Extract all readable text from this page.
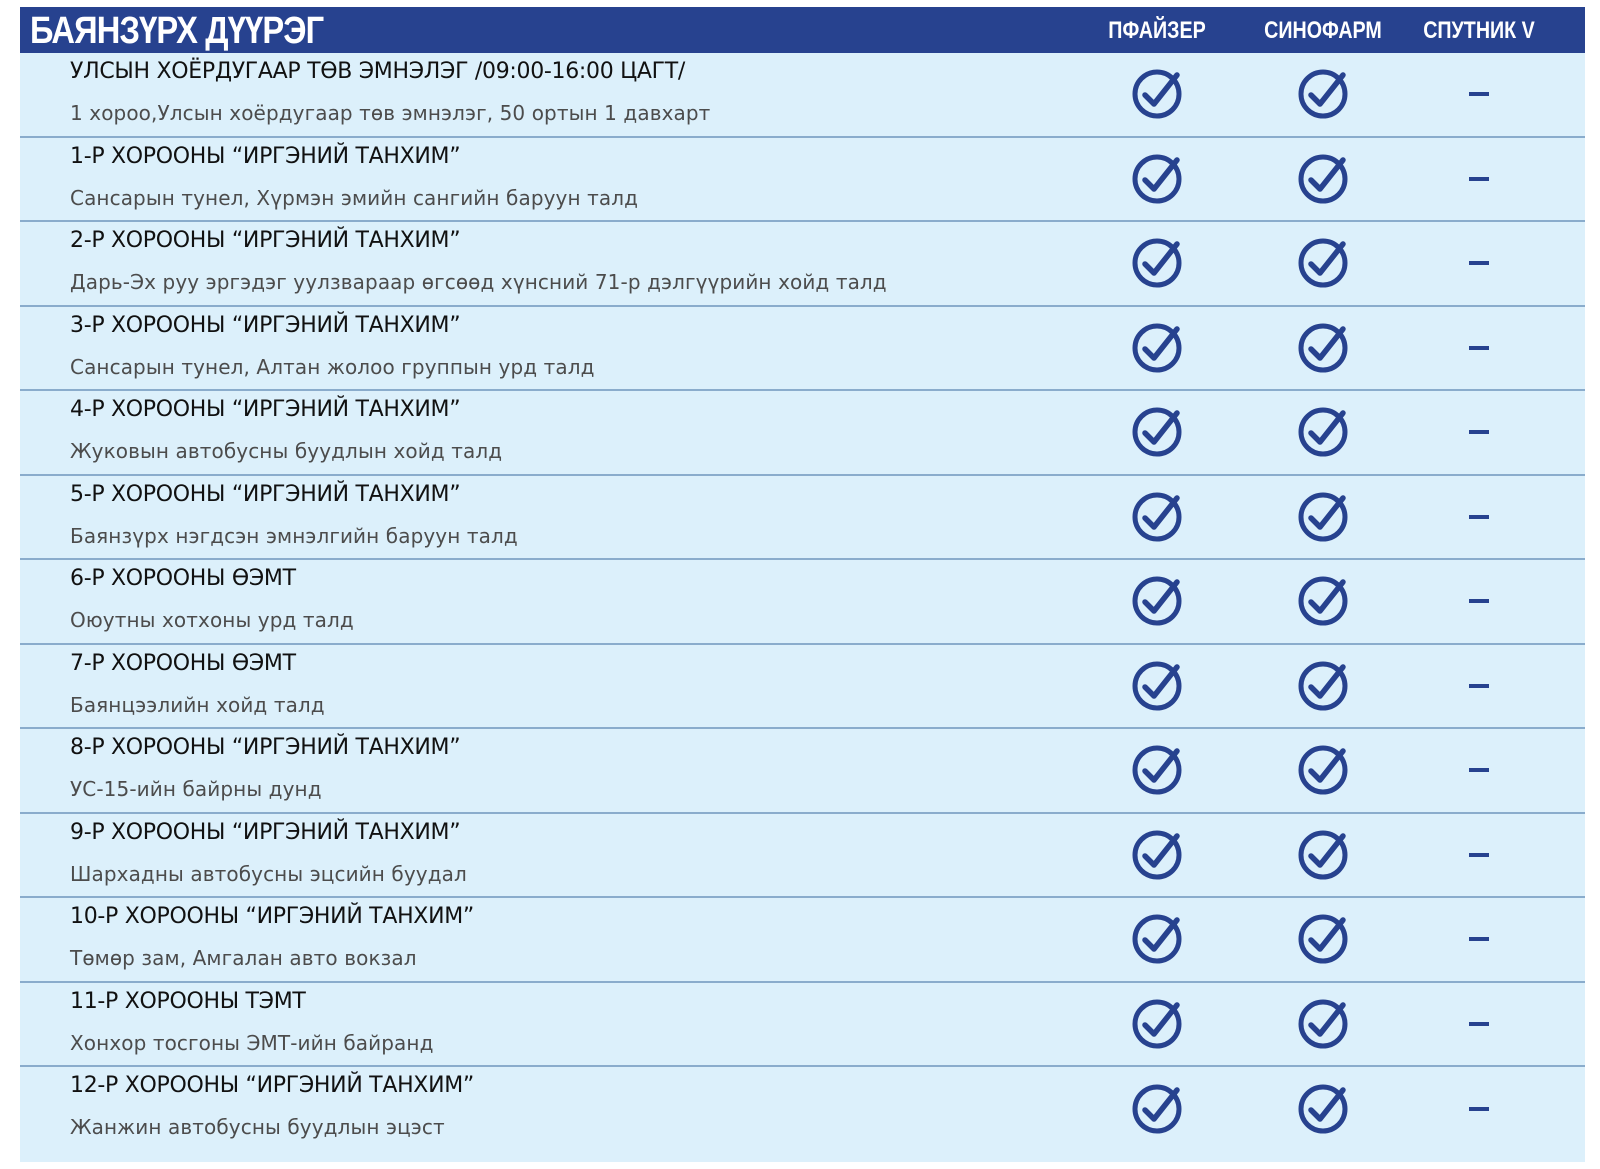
БАЯНЗҮРХ ДҮҮРЭГ	ПФАЙЗЕР	СИНОФАРМ СПУТНИК V
УЛСЫН ХОЁРДУГААР ТӨВ ЭМНЭЛЭГ /09:00-16:00 ЦАГТ/
1 хороо,Улсын хоёрдугаар төв эмнэлэг, 50 ортын 1 давхарт
1-Р ХОРООНЫ “ИРГЭНИЙ ТАНХИМ”
Сансарын тунел, Хүрмэн эмийн сангийн баруун талд
2-Р ХОРООНЫ “ИРГЭНИЙ ТАНХИМ”
Дарь-Эх руу эргэдэг уулзвараар өгсөөд хүнсний 71-р дэлгүүрийн хойд талд
3-Р ХОРООНЫ “ИРГЭНИЙ ТАНХИМ”
Сансарын тунел, Алтан жолоо группын урд талд
4-Р ХОРООНЫ “ИРГЭНИЙ ТАНХИМ”
Жуковын автобусны буудлын хойд талд
5-Р ХОРООНЫ “ИРГЭНИЙ ТАНХИМ”
Баянзүрх нэгдсэн эмнэлгийн баруун талд
6-Р ХОРООНЫ ӨЭМТ
Оюутны хотхоны урд талд
7-Р ХОРООНЫ ӨЭМТ
Баянцээлийн хойд талд
8-Р ХОРООНЫ “ИРГЭНИЙ ТАНХИМ”
УС-15-ийн байрны дунд
9-Р ХОРООНЫ “ИРГЭНИЙ ТАНХИМ”
Шархадны автобусны эцсийн буудал
10-Р ХОРООНЫ “ИРГЭНИЙ ТАНХИМ”
Төмөр зам, Амгалан авто вокзал
11-Р ХОРООНЫ ТЭМТ
Хонхор тосгоны ЭМТ-ийн байранд
12-Р ХОРООНЫ “ИРГЭНИЙ ТАНХИМ”
Жанжин автобусны буудлын эцэст
